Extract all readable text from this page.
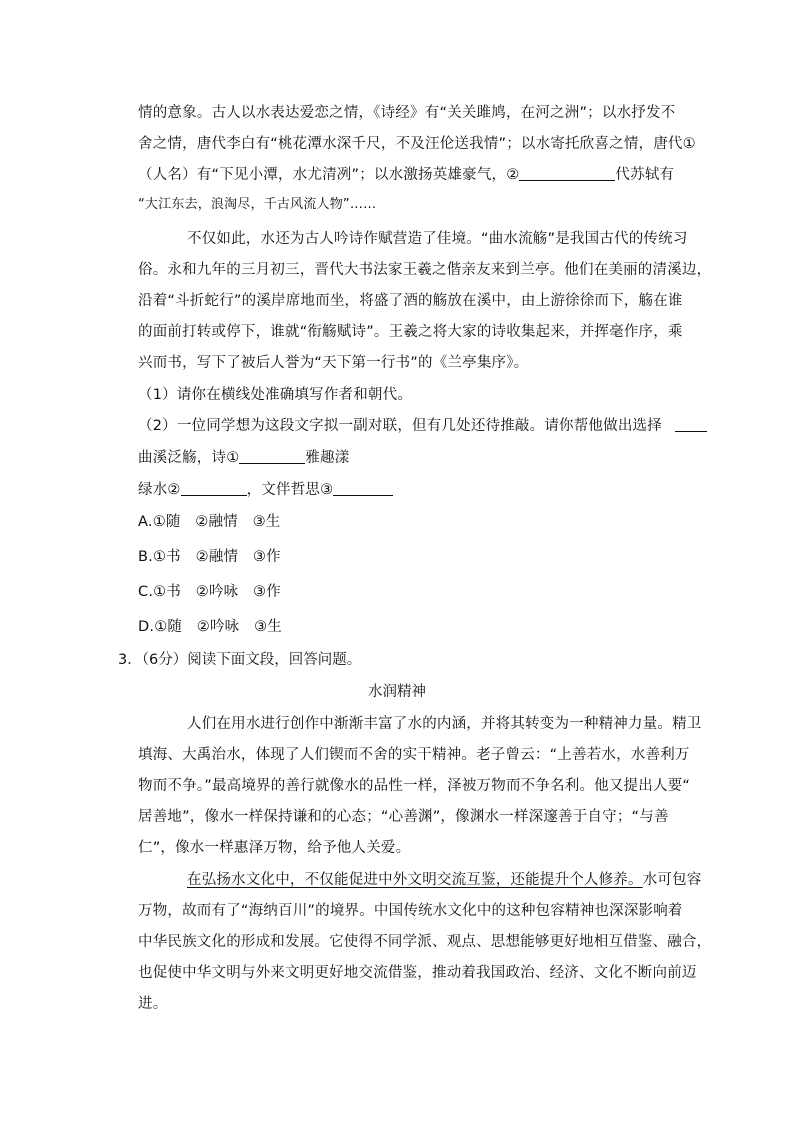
情的意象。古人以水表达爱恋之情，《诗经》有“关关雎鸠，在河之洲”；以水抒发不
舍之情，唐代李白有“桃花潭水深千尺，不及汪伦送我情”；以水寄托欣喜之情，唐代①
（人名）有“下见小潭，水尤清冽”；以水激扬英雄豪气，②	代苏轼有
“大江东去，浪淘尽，千古风流人物”……
不仅如此，水还为古人吟诗作赋营造了佳境。“曲水流觞”是我国古代的传统习
俗。永和九年的三月初三，晋代大书法家王羲之偕亲友来到兰亭。他们在美丽的清溪边，
沿着“斗折蛇行”的溪岸席地而坐，将盛了酒的觞放在溪中，由上游徐徐而下，觞在谁
的面前打转或停下，谁就“衔觞赋诗”。王羲之将大家的诗收集起来，并挥毫作序，乘
兴而书，写下了被后人誉为“天下第一行书”的《兰亭集序》。
（1）请你在横线处准确填写作者和朝代。
（2）一位同学想为这段文字拟一副对联，但有几处还待推敲。请你帮他做出选择
曲溪泛觞，诗①	雅趣漾
绿水②	，文伴哲思③
A.①随　②融情　③生
B.①书　②融情　③作
C.①书　②吟咏　③作
D.①随　②吟咏　③生
3．（6分）阅读下面文段，回答问题。
水润精神
人们在用水进行创作中渐渐丰富了水的内涵，并将其转变为一种精神力量。精卫
填海、大禹治水，体现了人们锲而不舍的实干精神。老子曾云：“上善若水，水善利万
物而不争。”最高境界的善行就像水的品性一样，泽被万物而不争名利。他又提出人要“
居善地”，像水一样保持谦和的心态；“心善渊”，像渊水一样深邃善于自守；“与善
仁”，像水一样惠泽万物，给予他人关爱。
在弘扬水文化中，不仅能促进中外文明交流互鉴，还能提升个人修养。水可包容
万物，故而有了“海纳百川”的境界。中国传统水文化中的这种包容精神也深深影响着
中华民族文化的形成和发展。它使得不同学派、观点、思想能够更好地相互借鉴、融合，
也促使中华文明与外来文明更好地交流借鉴，推动着我国政治、经济、文化不断向前迈
进。
